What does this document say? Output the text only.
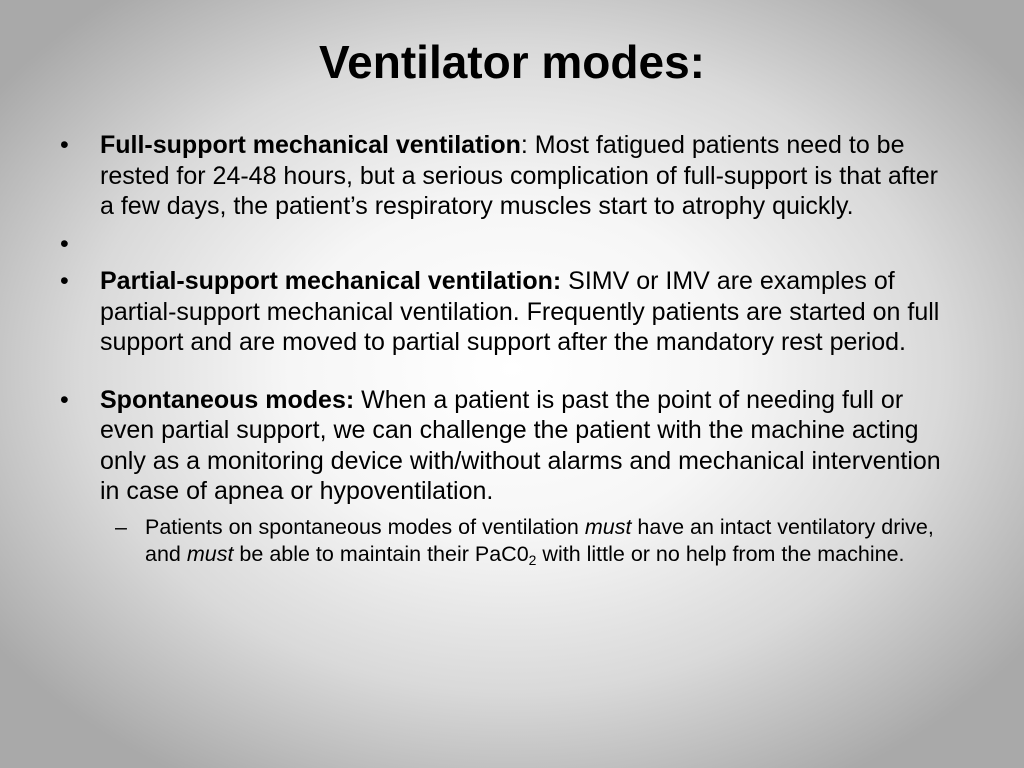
Ventilator modes:

• Full-support mechanical ventilation: Most fatigued patients need to be rested for 24-48 hours, but a serious complication of full-support is that after a few days, the patient’s respiratory muscles start to atrophy quickly.

•

• Partial-support mechanical ventilation: SIMV or IMV are examples of partial-support mechanical ventilation. Frequently patients are started on full support and are moved to partial support after the mandatory rest period.

• Spontaneous modes: When a patient is past the point of needing full or even partial support, we can challenge the patient with the machine acting only as a monitoring device with/without alarms and mechanical intervention in case of apnea or hypoventilation.

– Patients on spontaneous modes of ventilation must have an intact ventilatory drive, and must be able to maintain their $PaC0_2$ with little or no help from the machine.
